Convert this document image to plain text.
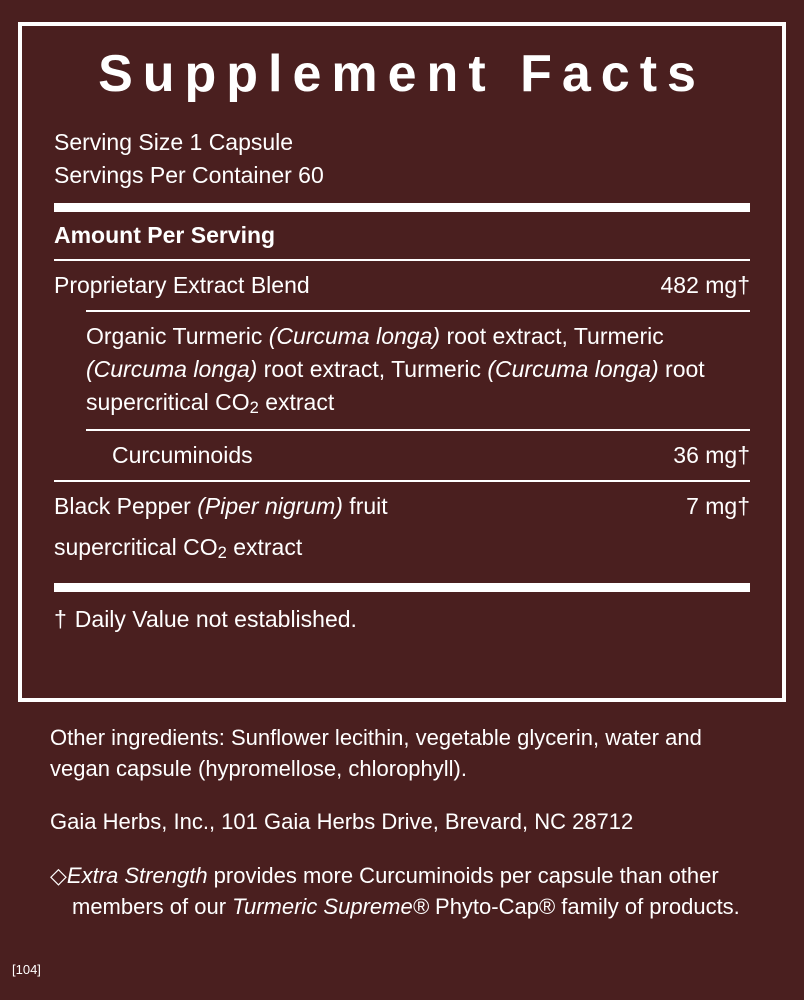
Supplement Facts
Serving Size 1 Capsule
Servings Per Container 60
Amount Per Serving
Proprietary Extract Blend	482 mg†
Organic Turmeric (Curcuma longa) root extract, Turmeric (Curcuma longa) root extract, Turmeric (Curcuma longa) root supercritical CO2 extract
Curcuminoids	36 mg†
Black Pepper (Piper nigrum) fruit	7 mg†
supercritical CO2 extract
† Daily Value not established.

Other ingredients: Sunflower lecithin, vegetable glycerin, water and vegan capsule (hypromellose, chlorophyll).

Gaia Herbs, Inc., 101 Gaia Herbs Drive, Brevard, NC 28712

◇Extra Strength provides more Curcuminoids per capsule than other members of our Turmeric Supreme® Phyto-Cap® family of products.

[104]
